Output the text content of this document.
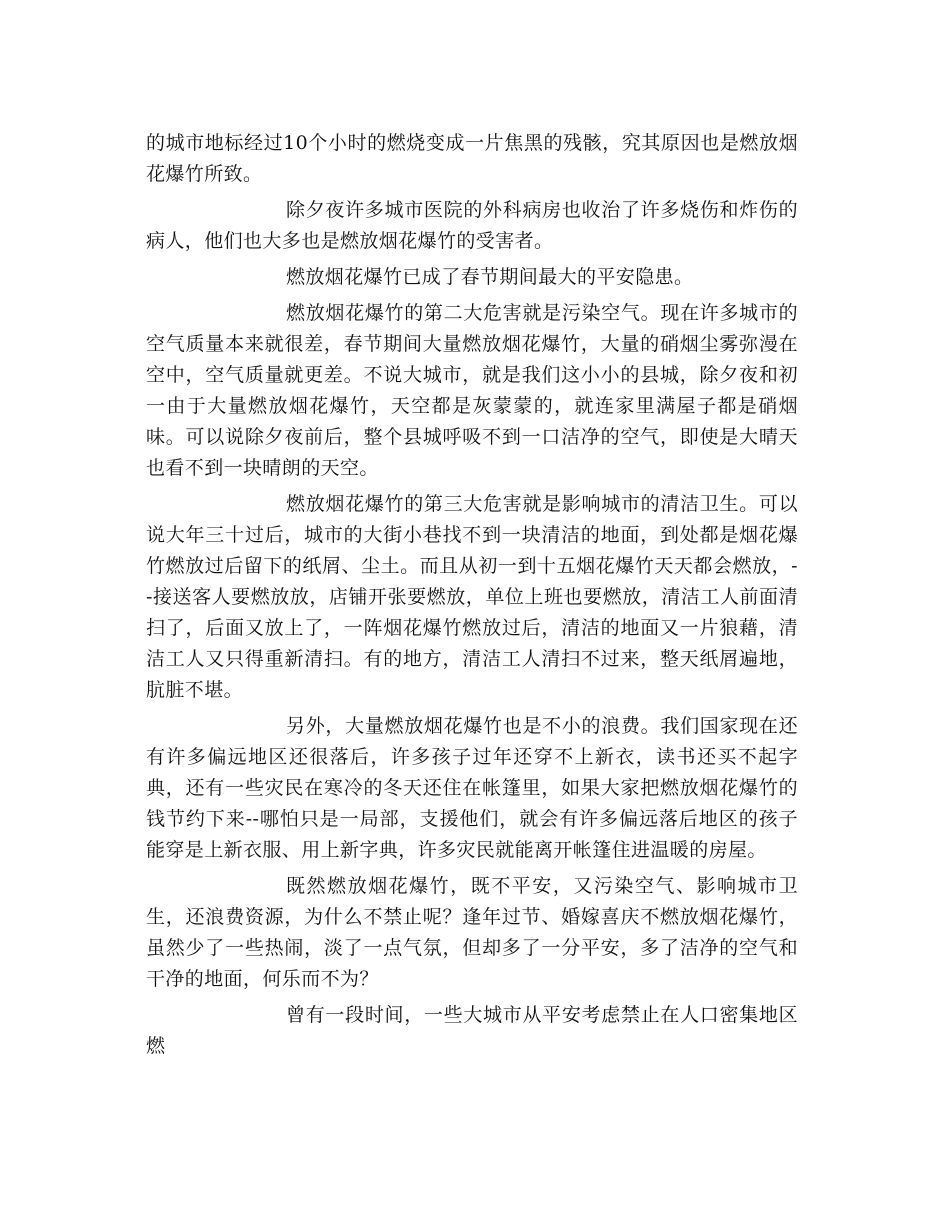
的城市地标经过10个小时的燃烧变成一片焦黑的残骸，究其原因也是燃放烟花爆竹所致。

除夕夜许多城市医院的外科病房也收治了许多烧伤和炸伤的病人，他们也大多也是燃放烟花爆竹的受害者。

燃放烟花爆竹已成了春节期间最大的平安隐患。

燃放烟花爆竹的第二大危害就是污染空气。现在许多城市的空气质量本来就很差，春节期间大量燃放烟花爆竹，大量的硝烟尘雾弥漫在空中，空气质量就更差。不说大城市，就是我们这小小的县城，除夕夜和初一由于大量燃放烟花爆竹，天空都是灰蒙蒙的，就连家里满屋子都是硝烟味。可以说除夕夜前后，整个县城呼吸不到一口洁净的空气，即使是大晴天也看不到一块晴朗的天空。

燃放烟花爆竹的第三大危害就是影响城市的清洁卫生。可以说大年三十过后，城市的大街小巷找不到一块清洁的地面，到处都是烟花爆竹燃放过后留下的纸屑、尘土。而且从初一到十五烟花爆竹天天都会燃放，--接送客人要燃放放，店铺开张要燃放，单位上班也要燃放，清洁工人前面清扫了，后面又放上了，一阵烟花爆竹燃放过后，清洁的地面又一片狼藉，清洁工人又只得重新清扫。有的地方，清洁工人清扫不过来，整天纸屑遍地，肮脏不堪。

另外，大量燃放烟花爆竹也是不小的浪费。我们国家现在还有许多偏远地区还很落后，许多孩子过年还穿不上新衣，读书还买不起字典，还有一些灾民在寒冷的冬天还住在帐篷里，如果大家把燃放烟花爆竹的钱节约下来--哪怕只是一局部，支援他们，就会有许多偏远落后地区的孩子能穿是上新衣服、用上新字典，许多灾民就能离开帐篷住进温暖的房屋。

既然燃放烟花爆竹，既不平安，又污染空气、影响城市卫生，还浪费资源，为什么不禁止呢？逢年过节、婚嫁喜庆不燃放烟花爆竹，虽然少了一些热闹，淡了一点气氛，但却多了一分平安，多了洁净的空气和干净的地面，何乐而不为？

曾有一段时间，一些大城市从平安考虑禁止在人口密集地区燃
